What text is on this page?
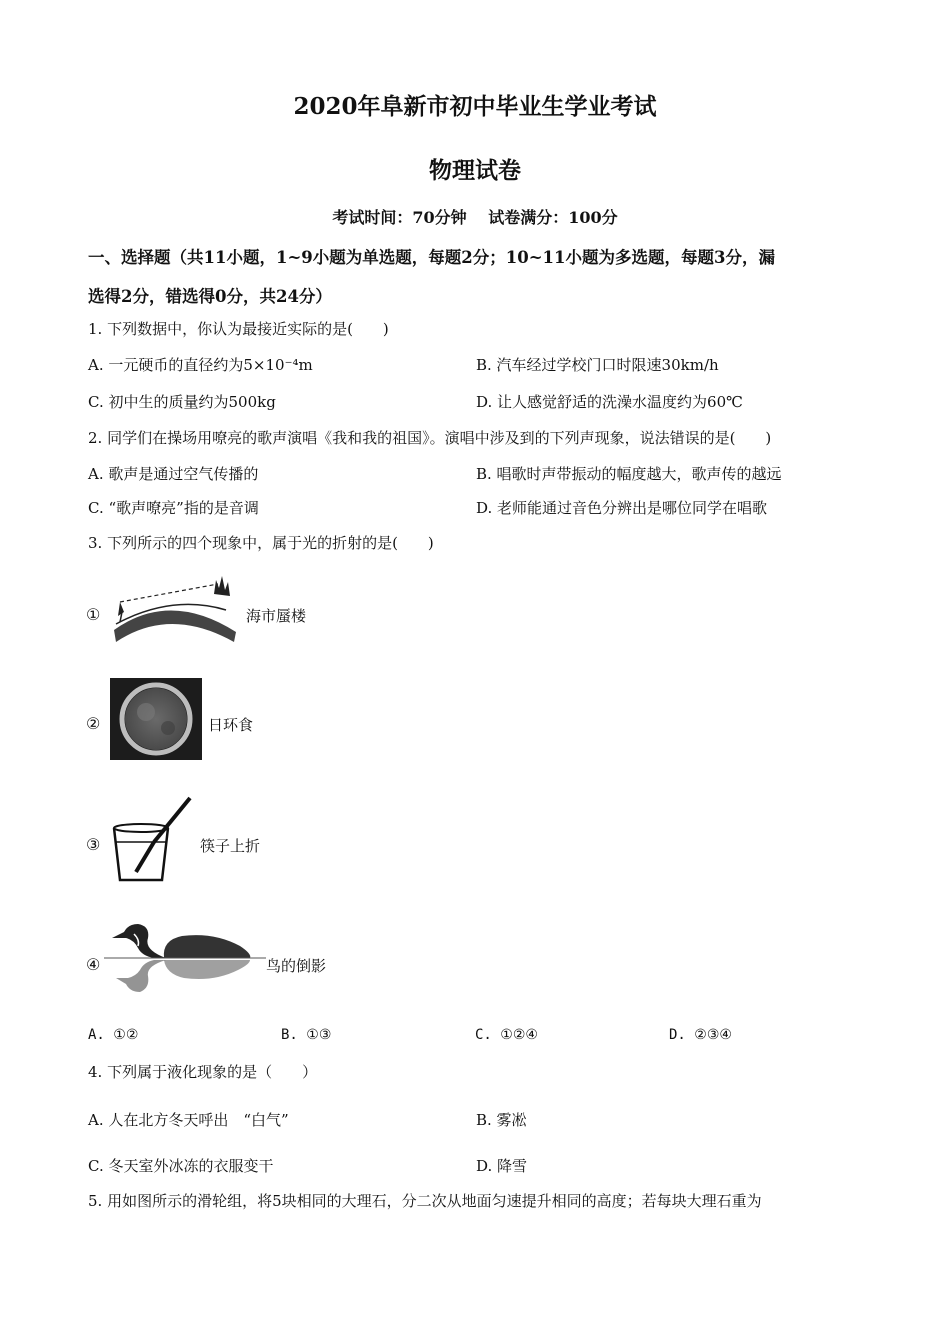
2020年阜新市初中毕业生学业考试
物理试卷
考试时间：70分钟　 试卷满分：100分
一、选择题（共11小题，1~9小题为单选题，每题2分；10~11小题为多选题，每题3分，漏
选得2分，错选得0分，共24分）
1. 下列数据中，你认为最接近实际的是(　　)
A. 一元硬币的直径约为5×10⁻⁴m	B. 汽车经过学校门口时限速30km/h
C. 初中生的质量约为500kg	D. 让人感觉舒适的洗澡水温度约为60℃
2. 同学们在操场用嘹亮的歌声演唱《我和我的祖国》。演唱中涉及到的下列声现象，说法错误的是(　　)
A. 歌声是通过空气传播的	B. 唱歌时声带振动的幅度越大，歌声传的越远
C. “歌声嘹亮”指的是音调	D. 老师能通过音色分辨出是哪位同学在唱歌
3. 下列所示的四个现象中，属于光的折射的是(　　)
①	海市蜃楼
②	日环食
③	筷子上折
④	鸟的倒影
A. ①②	B. ①③	C. ①②④	D. ②③④
4. 下列属于液化现象的是（　　）
A. 人在北方冬天呼出　“白气”	B. 雾凇
C. 冬天室外冰冻的衣服变干	D. 降雪
5. 用如图所示的滑轮组，将5块相同的大理石，分二次从地面匀速提升相同的高度；若每块大理石重为
